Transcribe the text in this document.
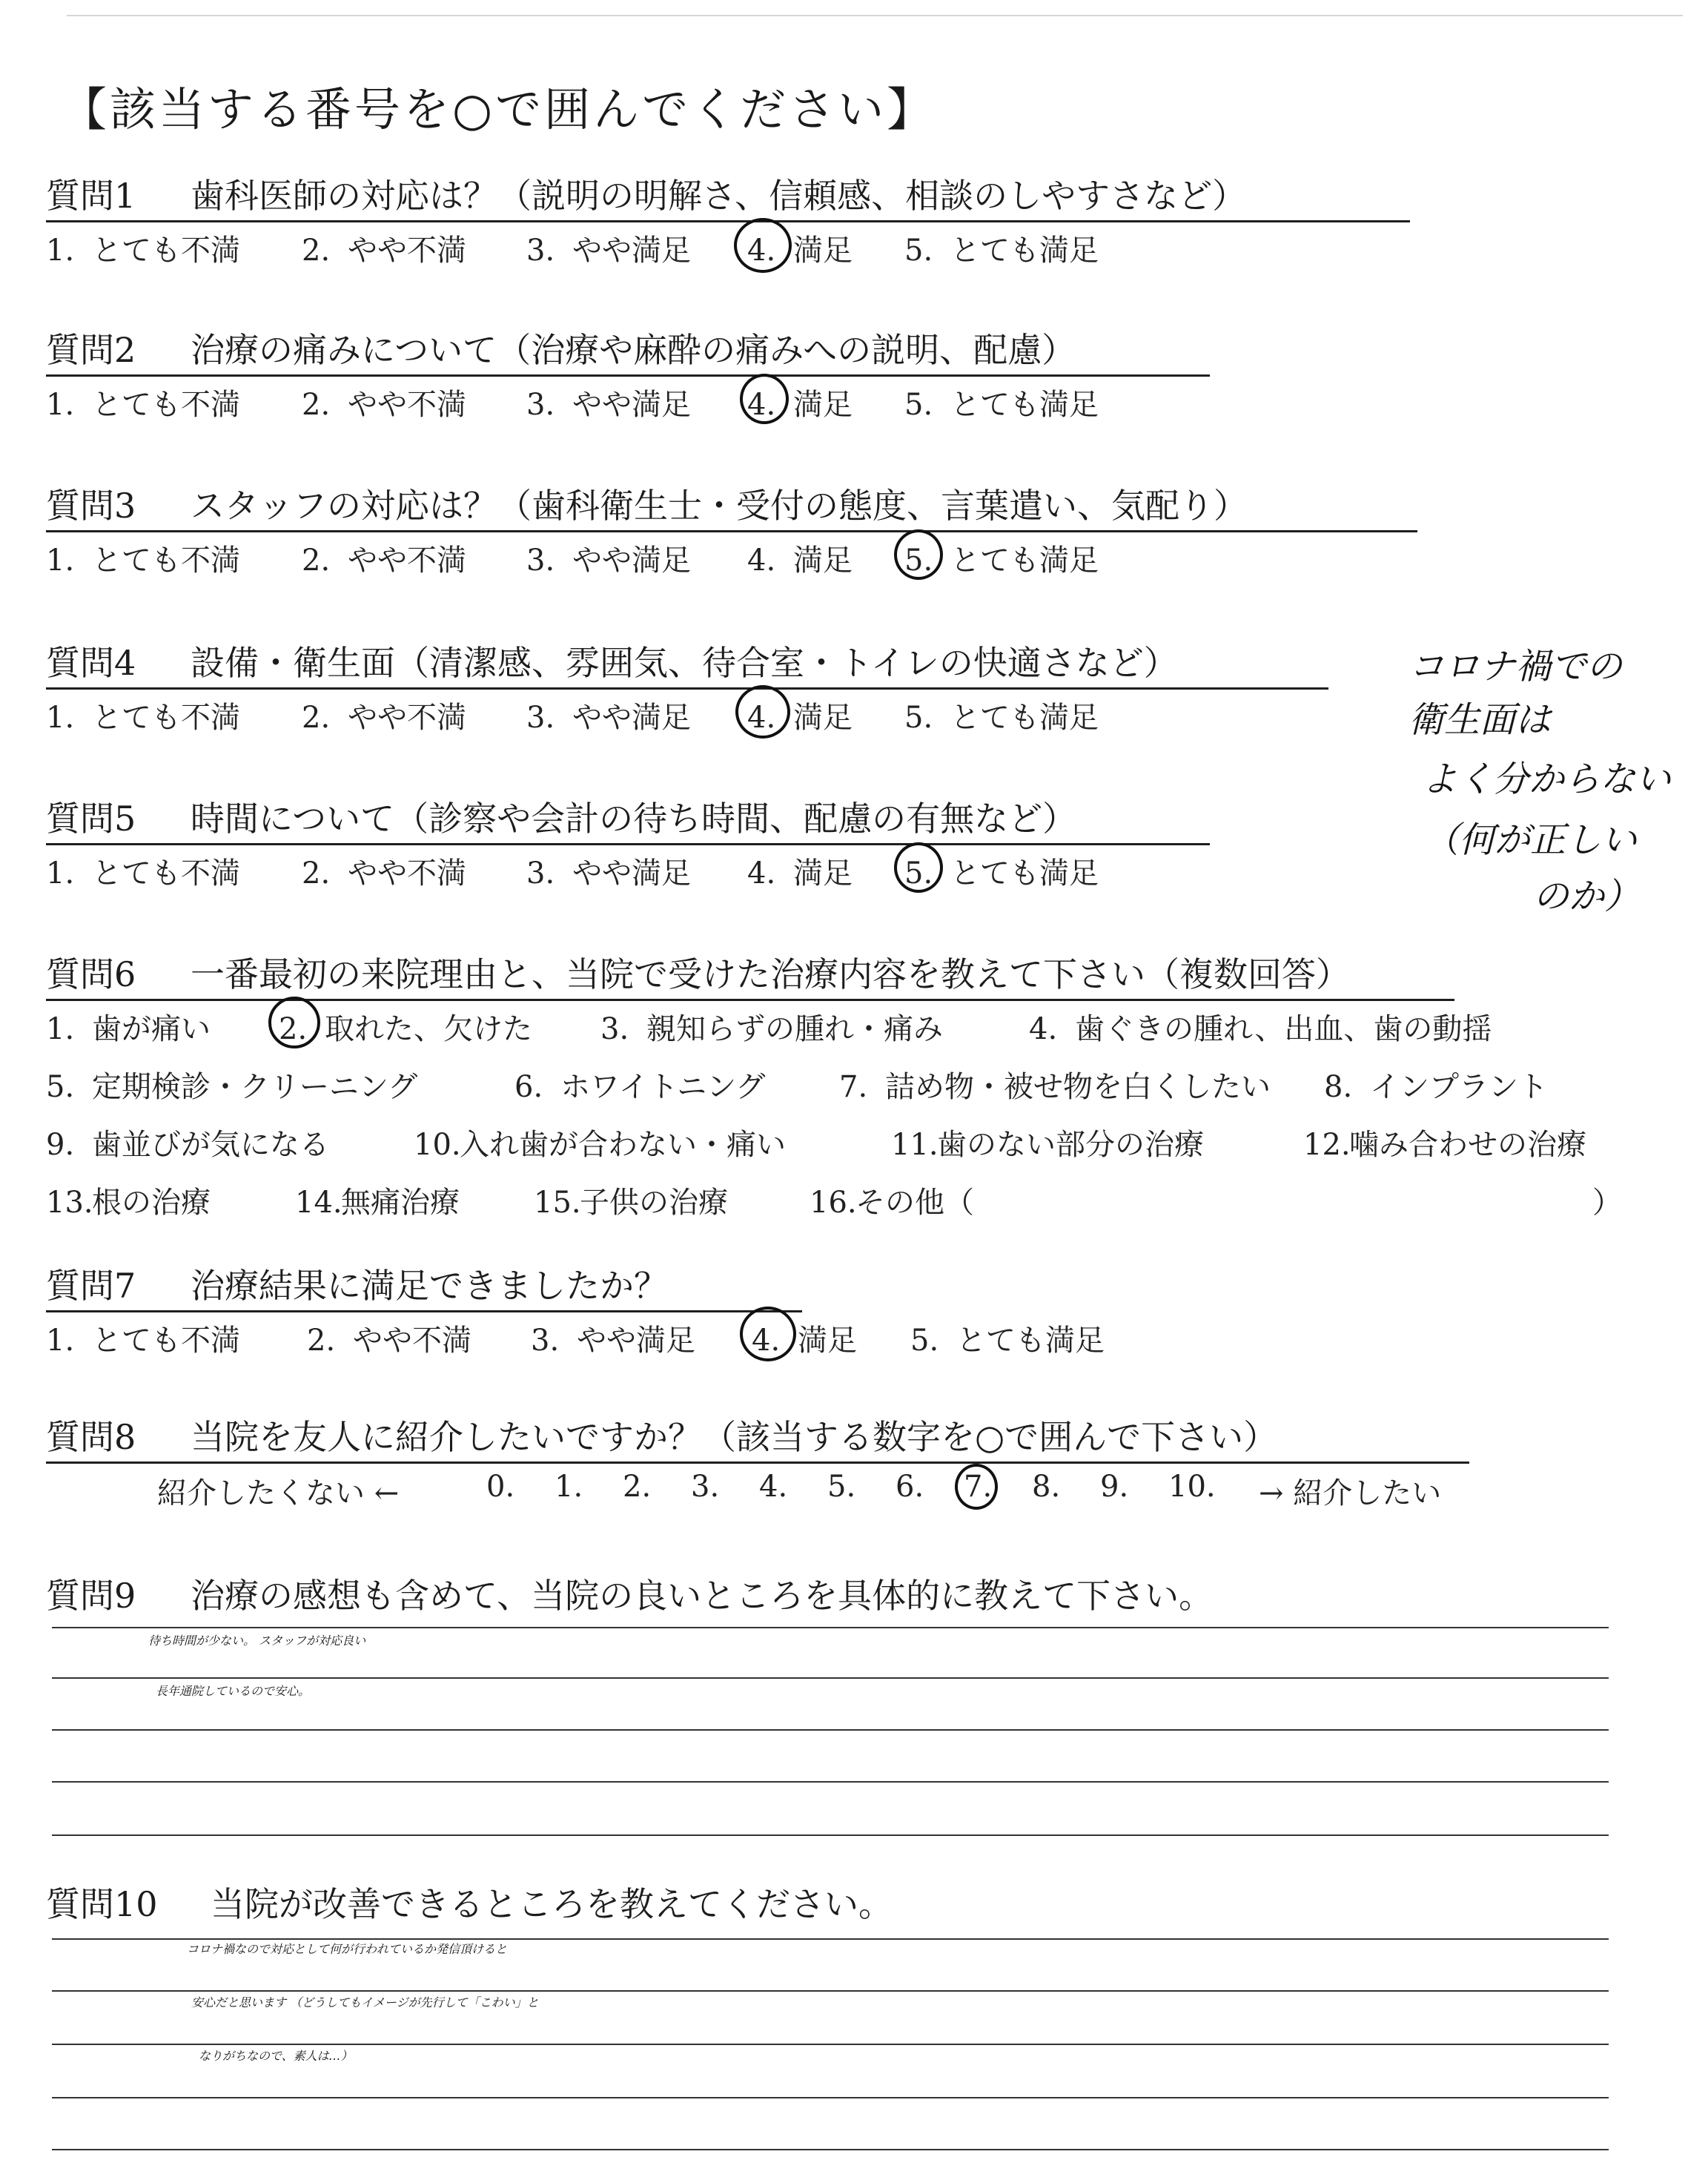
【該当する番号を○で囲んでください】
質問1 歯科医師の対応は？（説明の明解さ、信頼感、相談のしやすさなど）
1. とても不満 2. やや不満 3. やや満足 4. 満足 5. とても満足
質問2 治療の痛みについて（治療や麻酔の痛みへの説明、配慮）
1. とても不満 2. やや不満 3. やや満足 4. 満足 5. とても満足
質問3 スタッフの対応は？（歯科衛生士・受付の態度、言葉遣い、気配り）
1. とても不満 2. やや不満 3. やや満足 4. 満足 5. とても満足
質問4 設備・衛生面（清潔感、雰囲気、待合室・トイレの快適さなど）
1. とても不満 2. やや不満 3. やや満足 4. 満足 5. とても満足
質問5 時間について（診察や会計の待ち時間、配慮の有無など）
1. とても不満 2. やや不満 3. やや満足 4. 満足 5. とても満足
コロナ禍での
衛生面は
よく分からない
（何が正しい
のか）
質問6 一番最初の来院理由と、当院で受けた治療内容を教えて下さい（複数回答）
1. 歯が痛い 2. 取れた、欠けた 3. 親知らずの腫れ・痛み	4. 歯ぐきの腫れ、出血、歯の動揺
5. 定期検診・クリーニング	6. ホワイトニング 7. 詰め物・被せ物を白くしたい 8. インプラント
9. 歯並びが気になる	10.入れ歯が合わない・痛い	11.歯のない部分の治療	12.噛み合わせの治療
13.根の治療	14.無痛治療	15.子供の治療	16.その他（	）
質問7 治療結果に満足できましたか？
1. とても不満 2. やや不満 3. やや満足 4. 満足 5. とても満足
質問8 当院を友人に紹介したいですか？（該当する数字を○で囲んで下さい）
紹介したくない ←	0. 1. 2. 3. 4. 5. 6. 7. 8. 9. 10. → 紹介したい
質問9 治療の感想も含めて、当院の良いところを具体的に教えて下さい。
待ち時間が少ない。 スタッフが対応良い
長年通院しているので安心。
質問10 当院が改善できるところを教えてください。
コロナ禍なので対応として何が行われているか発信頂けると
安心だと思います （どうしてもイメージが先行して「こわい」と
なりがちなので、素人は…）
